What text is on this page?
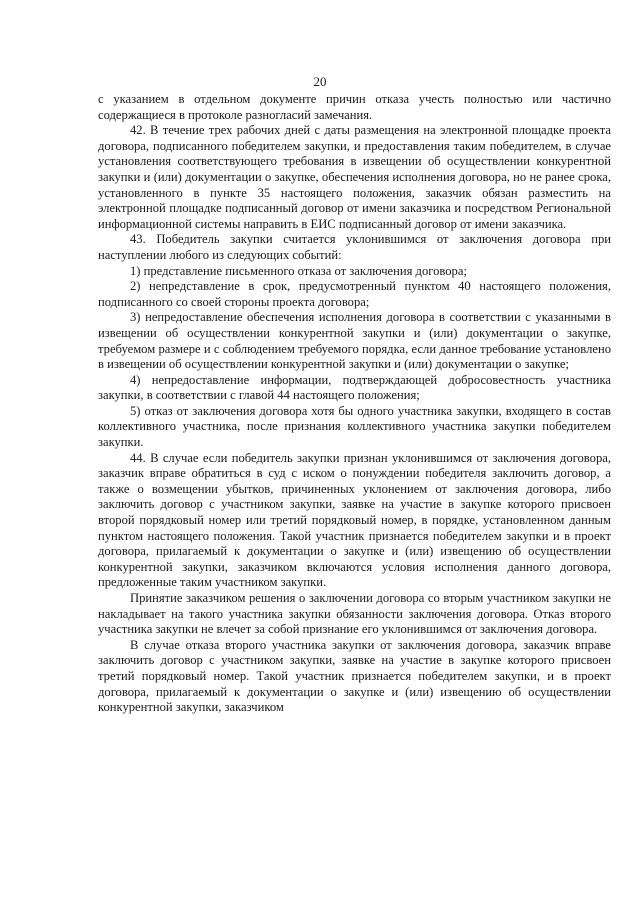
20

с указанием в отдельном документе причин отказа учесть полностью или частично содержащиеся в протоколе разногласий замечания.

42. В течение трех рабочих дней с даты размещения на электронной площадке проекта договора, подписанного победителем закупки, и предоставления таким победителем, в случае установления соответствующего требования в извещении об осуществлении конкурентной закупки и (или) документации о закупке, обеспечения исполнения договора, но не ранее срока, установленного в пункте 35 настоящего положения, заказчик обязан разместить на электронной площадке подписанный договор от имени заказчика и посредством Региональной информационной системы направить в ЕИС подписанный договор от имени заказчика.

43. Победитель закупки считается уклонившимся от заключения договора при наступлении любого из следующих событий:

1) представление письменного отказа от заключения договора;

2) непредставление в срок, предусмотренный пунктом 40 настоящего положения, подписанного со своей стороны проекта договора;

3) непредоставление обеспечения исполнения договора в соответствии с указанными в извещении об осуществлении конкурентной закупки и (или) документации о закупке, требуемом размере и с соблюдением требуемого порядка, если данное требование установлено в извещении об осуществлении конкурентной закупки и (или) документации о закупке;

4) непредоставление информации, подтверждающей добросовестность участника закупки, в соответствии с главой 44 настоящего положения;

5) отказ от заключения договора хотя бы одного участника закупки, входящего в состав коллективного участника, после признания коллективного участника закупки победителем закупки.

44. В случае если победитель закупки признан уклонившимся от заключения договора, заказчик вправе обратиться в суд с иском о понуждении победителя заключить договор, а также о возмещении убытков, причиненных уклонением от заключения договора, либо заключить договор с участником закупки, заявке на участие в закупке которого присвоен второй порядковый номер или третий порядковый номер, в порядке, установленном данным пунктом настоящего положения. Такой участник признается победителем закупки и в проект договора, прилагаемый к документации о закупке и (или) извещению об осуществлении конкурентной закупки, заказчиком включаются условия исполнения данного договора, предложенные таким участником закупки.

Принятие заказчиком решения о заключении договора со вторым участником закупки не накладывает на такого участника закупки обязанности заключения договора. Отказ второго участника закупки не влечет за собой признание его уклонившимся от заключения договора.

В случае отказа второго участника закупки от заключения договора, заказчик вправе заключить договор с участником закупки, заявке на участие в закупке которого присвоен третий порядковый номер. Такой участник признается победителем закупки, и в проект договора, прилагаемый к документации о закупке и (или) извещению об осуществлении конкурентной закупки, заказчиком
